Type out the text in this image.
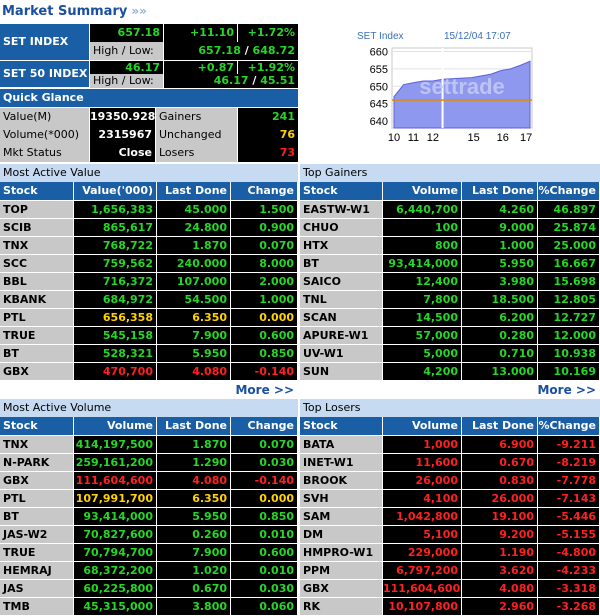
Market Summary »»
SET INDEX
657.18	+11.10	+1.72%
High / Low:	657.18 / 648.72
SET 50 INDEX	46.17	+0.87	+1.92%
High / Low:	46.17 / 45.51
Quick Glance
Value(M)	19350.928 Gainers	241
Volume(*000)	2315967 Unchanged	76
Mkt Status	Close Losers	73
SET Index	15/12/04 17:07
settrade
660
655
650
645
640
10 11 12	15 16 17
Most Active Value
Stock	Value('000)	Last Done	Change
TOP	1,656,383	45.000	1.500
SCIB	865,617	24.800	0.900
TNX	768,722	1.870	0.070
SCC	759,562	240.000	8.000
BBL	716,372	107.000	2.000
KBANK	684,972	54.500	1.000
PTL	656,358	6.350	0.000
TRUE	545,158	7.900	0.600
BT	528,321	5.950	0.850
GBX	470,700	4.080	-0.140
More >>
Top Gainers
Stock	Volume	Last Done %Change
EASTW-W1	6,440,700	4.260	46.897
CHUO	100	9.000	25.874
HTX	800	1.000	25.000
BT	93,414,000	5.950	16.667
SAICO	12,400	3.980	15.698
TNL	7,800	18.500	12.805
SCAN	14,500	6.200	12.727
APURE-W1	57,000	0.280	12.000
UV-W1	5,000	0.710	10.938
SUN	4,200	13.000	10.169
More >>
Most Active Volume
Stock	Volume	Last Done	Change
TNX	414,197,500	1.870	0.070
N-PARK	259,161,200	1.290	0.030
GBX	111,604,600	4.080	-0.140
PTL	107,991,700	6.350	0.000
BT	93,414,000	5.950	0.850
JAS-W2	70,827,600	0.260	0.010
TRUE	70,794,700	7.900	0.600
HEMRAJ	68,372,200	1.020	0.010
JAS	60,225,800	0.670	0.030
TMB	45,315,000	3.800	0.060
Top Losers
Stock	Volume	Last Done %Change
BATA	1,000	6.900	-9.211
INET-W1	11,600	0.670	-8.219
BROOK	26,000	0.830	-7.778
SVH	4,100	26.000	-7.143
SAM	1,042,800	19.100	-5.446
DM	5,100	9.200	-5.155
HMPRO-W1	229,000	1.190	-4.800
PPM	6,797,200	3.620	-4.233
GBX	111,604,600	4.080	-3.318
RK	10,107,800	2.960	-3.268
